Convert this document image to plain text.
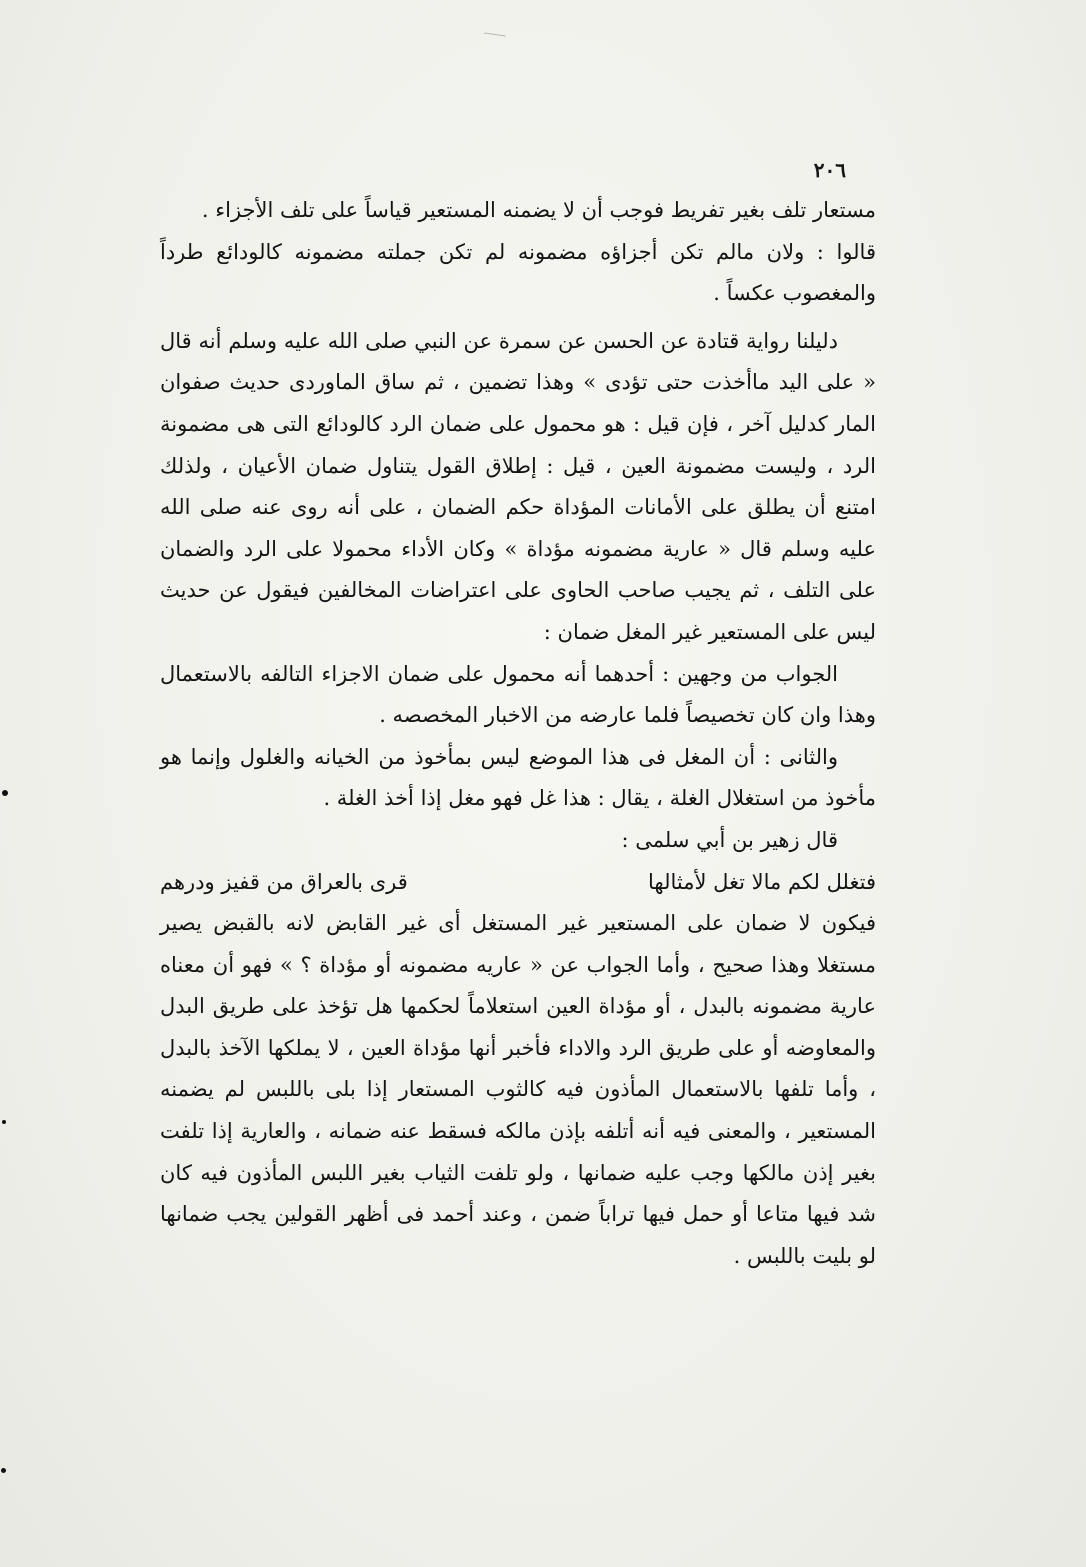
٢٠٦

مستعار تلف بغير تفريط فوجب أن لا يضمنه المستعير قياساً على تلف الأجزاء .

قالوا : ولان مالم تكن أجزاؤه مضمونه لم تكن جملته مضمونه كالودائع طرداً والمغصوب عكساً .

دليلنا رواية قتادة عن الحسن عن سمرة عن النبي صلى الله عليه وسلم أنه قال « على اليد ماأخذت حتى تؤدى » وهذا تضمين ، ثم ساق الماوردى حديث صفوان المار كدليل آخر ، فإن قيل : هو محمول على ضمان الرد كالودائع التى هى مضمونة الرد ، وليست مضمونة العين ، قيل : إطلاق القول يتناول ضمان الأعيان ، ولذلك امتنع أن يطلق على الأمانات المؤداة حكم الضمان ، على أنه روى عنه صلى الله عليه وسلم قال « عارية مضمونه مؤداة » وكان الأداء محمولا على الرد والضمان على التلف ، ثم يجيب صاحب الحاوى على اعتراضات المخالفين فيقول عن حديث ليس على المستعير غير المغل ضمان :

الجواب من وجهين : أحدهما أنه محمول على ضمان الاجزاء التالفه بالاستعمال وهذا وان كان تخصيصاً فلما عارضه من الاخبار المخصصه .

والثانى : أن المغل فى هذا الموضع ليس بمأخوذ من الخيانه والغلول وإنما هو مأخوذ من استغلال الغلة ، يقال : هذا غل فهو مغل إذا أخذ الغلة .

قال زهير بن أبي سلمى :

فتغلل لكم مالا تغل لأمثالها
قرى بالعراق من قفيز ودرهم

فيكون لا ضمان على المستعير غير المستغل أى غير القابض لانه بالقبض يصير مستغلا وهذا صحيح ، وأما الجواب عن « عاريه مضمونه أو مؤداة ؟ » فهو أن معناه عارية مضمونه بالبدل ، أو مؤداة العين استعلاماً لحكمها هل تؤخذ على طريق البدل والمعاوضه أو على طريق الرد والاداء فأخبر أنها مؤداة العين ، لا يملكها الآخذ بالبدل ، وأما تلفها بالاستعمال المأذون فيه كالثوب المستعار إذا بلى باللبس لم يضمنه المستعير ، والمعنى فيه أنه أتلفه بإذن مالكه فسقط عنه ضمانه ، والعارية إذا تلفت بغير إذن مالكها وجب عليه ضمانها ، ولو تلفت الثياب بغير اللبس المأذون فيه كان شد فيها متاعا أو حمل فيها تراباً ضمن ، وعند أحمد فى أظهر القولين يجب ضمانها لو بليت باللبس .
